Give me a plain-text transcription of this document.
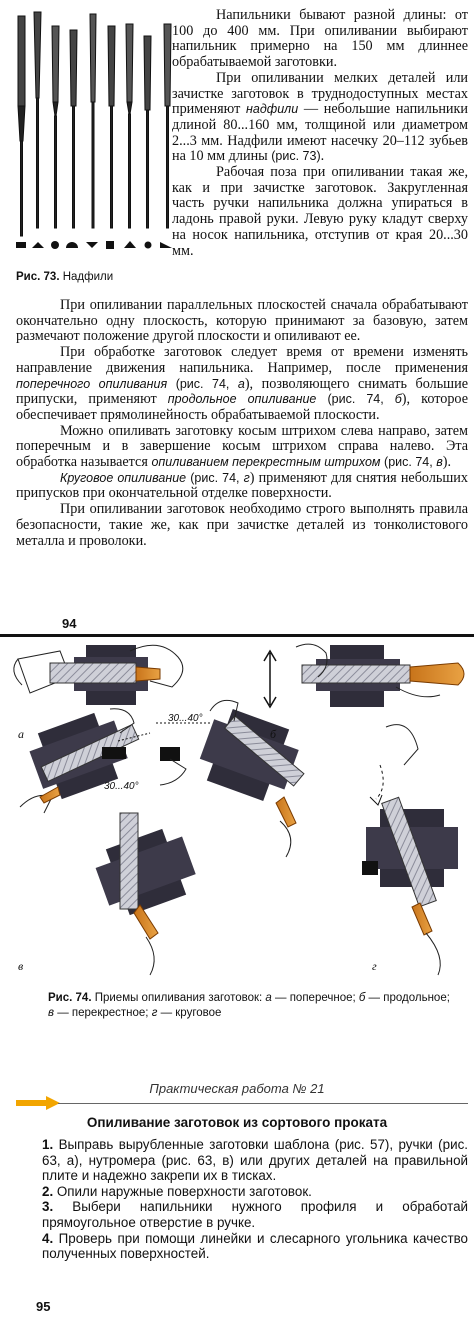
Рис. 73. Надфили

Напильники бывают разной длины: от 100 до 400 мм. При опиливании выбирают напильник примерно на 150 мм длиннее обрабатываемой заготовки.

При опиливании мелких деталей или зачистке заготовок в труднодоступных местах применяют надфили — небольшие напильники длиной 80...160 мм, толщиной или диаметром 2...3 мм. Надфили имеют насечку 20–112 зубьев на 10 мм длины (рис. 73).

Рабочая поза при опиливании такая же, как и при зачистке заготовок. Закругленная часть ручки напильника должна упираться в ладонь правой руки. Левую руку кладут сверху на носок напильника, отступив от края 20...30 мм.

При опиливании параллельных плоскостей сначала обрабатывают окончательно одну плоскость, которую принимают за базовую, затем размечают положение другой плоскости и опиливают ее.

При обработке заготовок следует время от времени изменять направление движения напильника. Например, после применения поперечного опиливания (рис. 74, а), позволяющего снимать большие припуски, применяют продольное опиливание (рис. 74, б), которое обеспечивает прямолинейность обрабатываемой плоскости.

Можно опиливать заготовку косым штрихом слева направо, затем поперечным и в завершение косым штрихом справа налево. Эта обработка называется опиливанием перекрестным штрихом (рис. 74, в).

Круговое опиливание (рис. 74, г) применяют для снятия небольших припусков при окончательной отделке поверхности.

При опиливании заготовок необходимо строго выполнять правила безопасности, такие же, как при зачистке деталей из тонколистового металла и проволоки.

94
а	б
в	г
30...40°
30...40°
Рис. 74. Приемы опиливания заготовок: а — поперечное; б — продольное;
в — перекрестное; г — круговое
Практическая работа № 21
Опиливание заготовок из сортового проката
1. Выправь вырубленные заготовки шаблона (рис. 57), ручки (рис. 63, а), нутромера (рис. 63, в) или других деталей на правильной плите и надежно закрепи их в тисках.
2. Опили наружные поверхности заготовок.
3. Выбери напильники нужного профиля и обработай прямоугольное отверстие в ручке.
4. Проверь при помощи линейки и слесарного угольника качество полученных поверхностей.
95
